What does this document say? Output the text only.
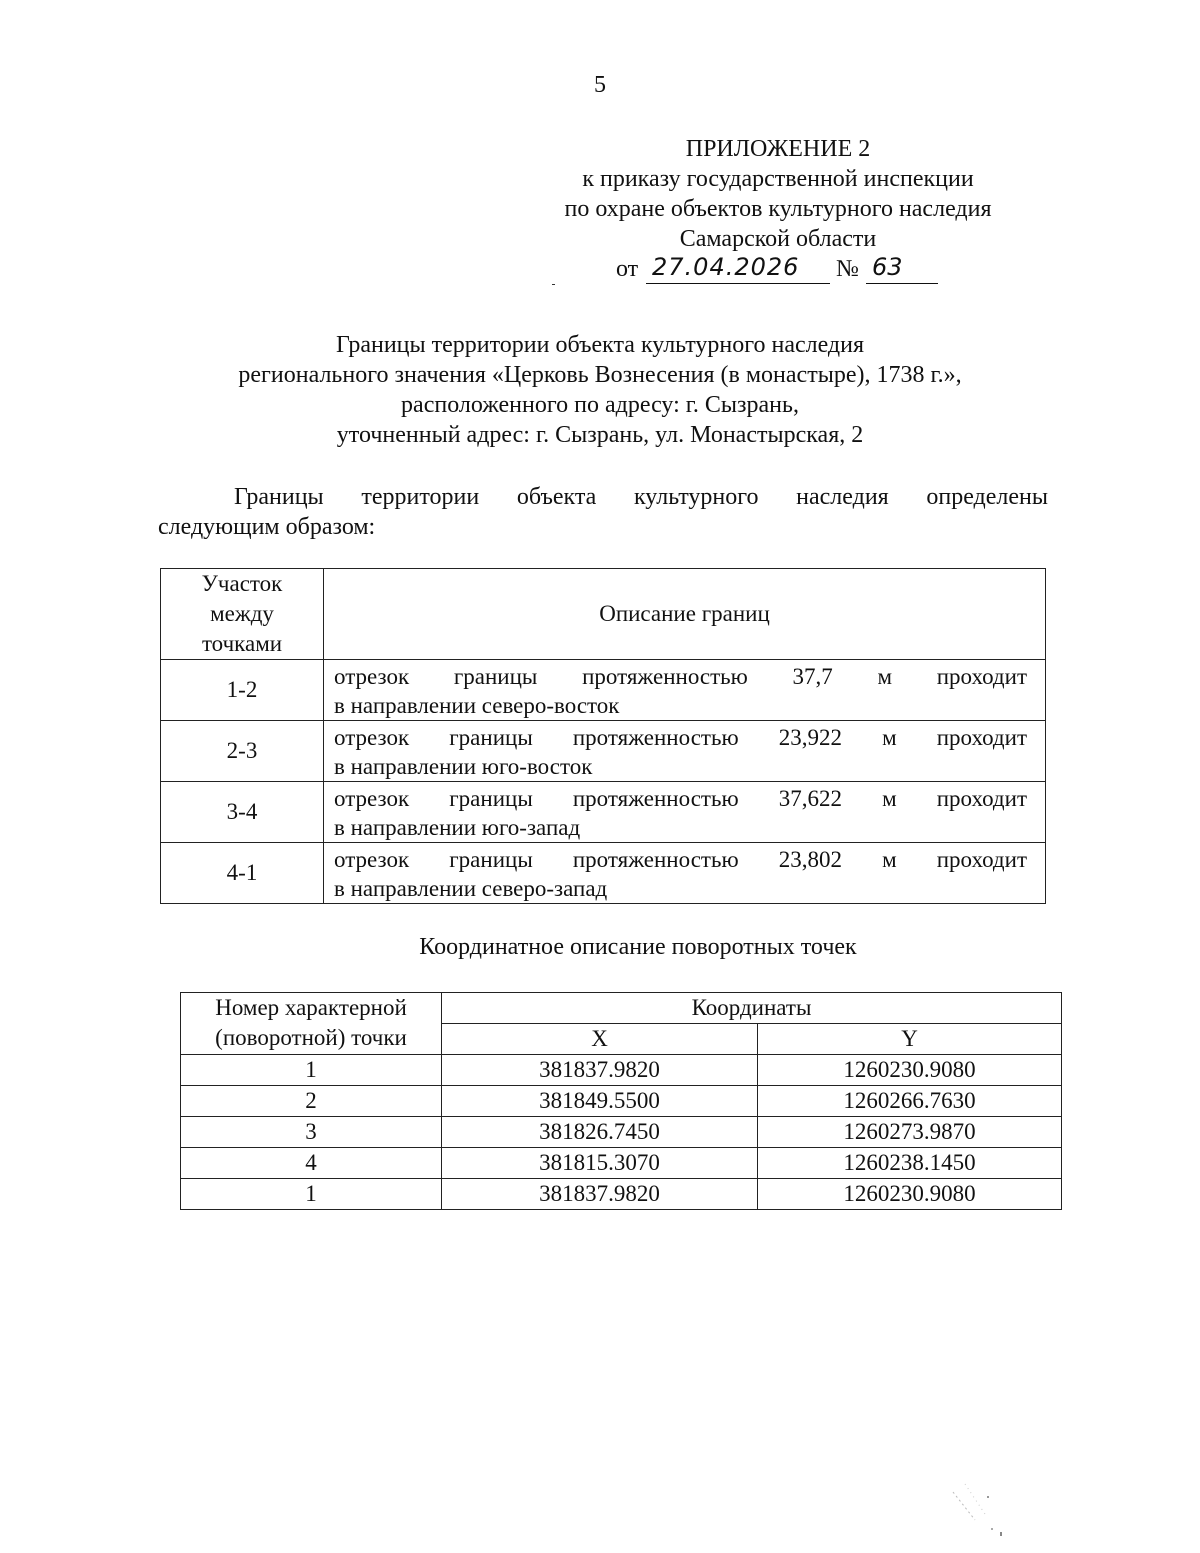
5
ПРИЛОЖЕНИЕ 2
к приказу государственной инспекции
по охране объектов культурного наследия
Самарской области
от 27.04.2026	№ 63
Границы территории объекта культурного наследия
регионального значения «Церковь Вознесения (в монастыре), 1738 г.»,
расположенного по адресу: г. Сызрань,
уточненный адрес: г. Сызрань, ул. Монастырская, 2
Границы территории объекта культурного наследия определены
следующим образом:
Участок
между
точками	Описание границ
1-2	отрезок границы протяженностью 37,7 м проходит
в направлении северо-восток

2-3	отрезок границы протяженностью 23,922 м проходит
в направлении юго-восток

3-4	отрезок границы протяженностью 37,622 м проходит
в направлении юго-запад

4-1	отрезок границы протяженностью 23,802 м проходит
в направлении северо-запад
Координатное описание поворотных точек
Номер характерной
(поворотной) точки	Координаты	
	X	Y
1	381837.9820	1260230.9080
2	381849.5500	1260266.7630
3	381826.7450	1260273.9870
4	381815.3070	1260238.1450
1	381837.9820	1260230.9080
